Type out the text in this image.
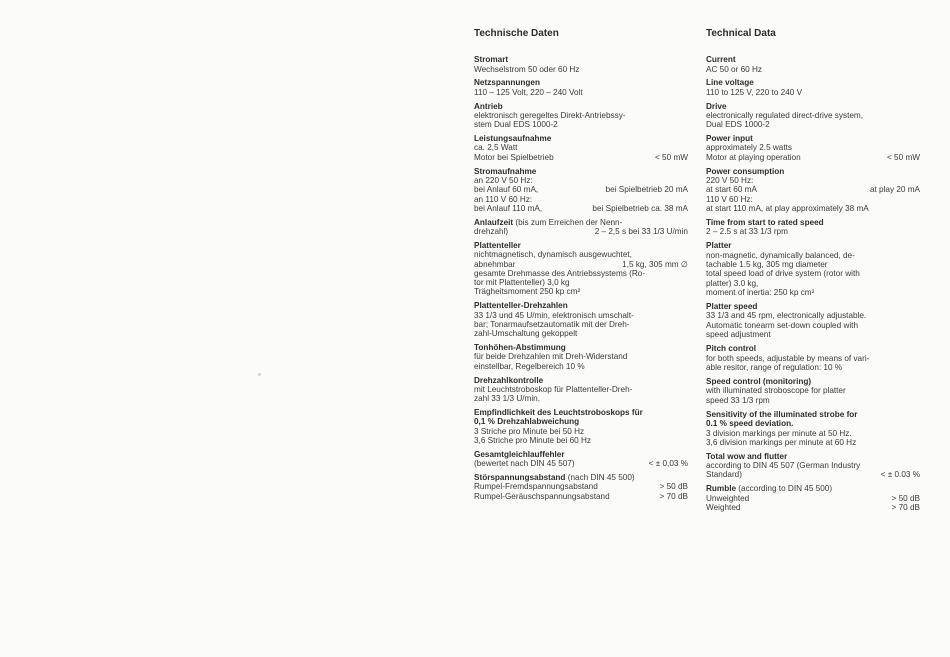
Technische Daten
Stromart
Wechselstrom 50 oder 60 Hz
Netzspannungen
110 – 125 Volt, 220 – 240 Volt
Antrieb
elektronisch geregeltes Direkt-Antriebssy-
stem Dual EDS 1000-2
Leistungsaufnahme
ca. 2,5 Watt
Motor bei Spielbetrieb	< 50 mW
Stromaufnahme
an 220 V 50 Hz:
bei Anlauf 60 mA,	bei Spielbetrieb 20 mA
an 110 V 60 Hz:
bei Anlauf 110 mA,	bei Spielbetrieb ca. 38 mA
Anlaufzeit (bis zum Erreichen der Nenn-
drehzahl)	2 – 2,5 s bei 33 1/3 U/min
Plattenteller
nichtmagnetisch, dynamisch ausgewuchtet,
abnehmbar	1,5 kg, 305 mm ∅
gesamte Drehmasse des Antriebssystems (Ro-
tor mit Plattenteller) 3,0 kg
Trägheitsmoment 250 kp cm²
Plattenteller-Drehzahlen
33 1/3 und 45 U/min, elektronisch umschalt-
bar; Tonarmaufsetzautomatik mit der Dreh-
zahl-Umschaltung gekoppelt
Tonhöhen-Abstimmung
für beide Drehzahlen mit Dreh-Widerstand
einstellbar, Regelbereich 10 %
Drehzahlkontrolle
mit Leuchtstroboskop für Plattenteller-Dreh-
zahl 33 1/3 U/min.
Empfindlichkeit des Leuchtstroboskops für
0,1 % Drehzahlabweichung
3 Striche pro Minute bei 50 Hz
3,6 Striche pro Minute bei 60 Hz
Gesamtgleichlauffehler
(bewertet nach DIN 45 507)	< ± 0,03 %
Störspannungsabstand (nach DIN 45 500)
Rumpel-Fremdspannungsabstand	> 50 dB
Rumpel-Geräuschspannungsabstand	> 70 dB
Technical Data
Current
AC 50 or 60 Hz
Line voltage
110 to 125 V, 220 to 240 V
Drive
electronically regulated direct-drive system,
Dual EDS 1000-2
Power input
approximately 2.5 watts
Motor at playing operation	< 50 mW
Power consumption
220 V 50 Hz:
at start 60 mA	at play 20 mA
110 V 60 Hz:
at start 110 mA, at play approximately 38 mA
Time from start to rated speed
2 – 2.5 s at 33 1/3 rpm
Platter
non-magnetic, dynamically balanced, de-
tachable 1.5 kg, 305 mg diameter
total speed load of drive system (rotor with
platter) 3.0 kg,
moment of inertia: 250 kp cm²
Platter speed
33 1/3 and 45 rpm, electronically adjustable.
Automatic tonearm set-down coupled with
speed adjustment
Pitch control
for both speeds, adjustable by means of vari-
able resitor, range of regulation: 10 %
Speed control (monitoring)
with illuminated stroboscope for platter
speed 33 1/3 rpm
Sensitivity of the illuminated strobe for
0.1 % speed deviation.
3 division markings per minute at 50 Hz.
3,6 division markings per minute at 60 Hz
Total wow and flutter
according to DIN 45 507 (German Industry
Standard)	< ± 0.03 %
Rumble (according to DIN 45 500)
Unweighted	> 50 dB
Weighted	> 70 dB
